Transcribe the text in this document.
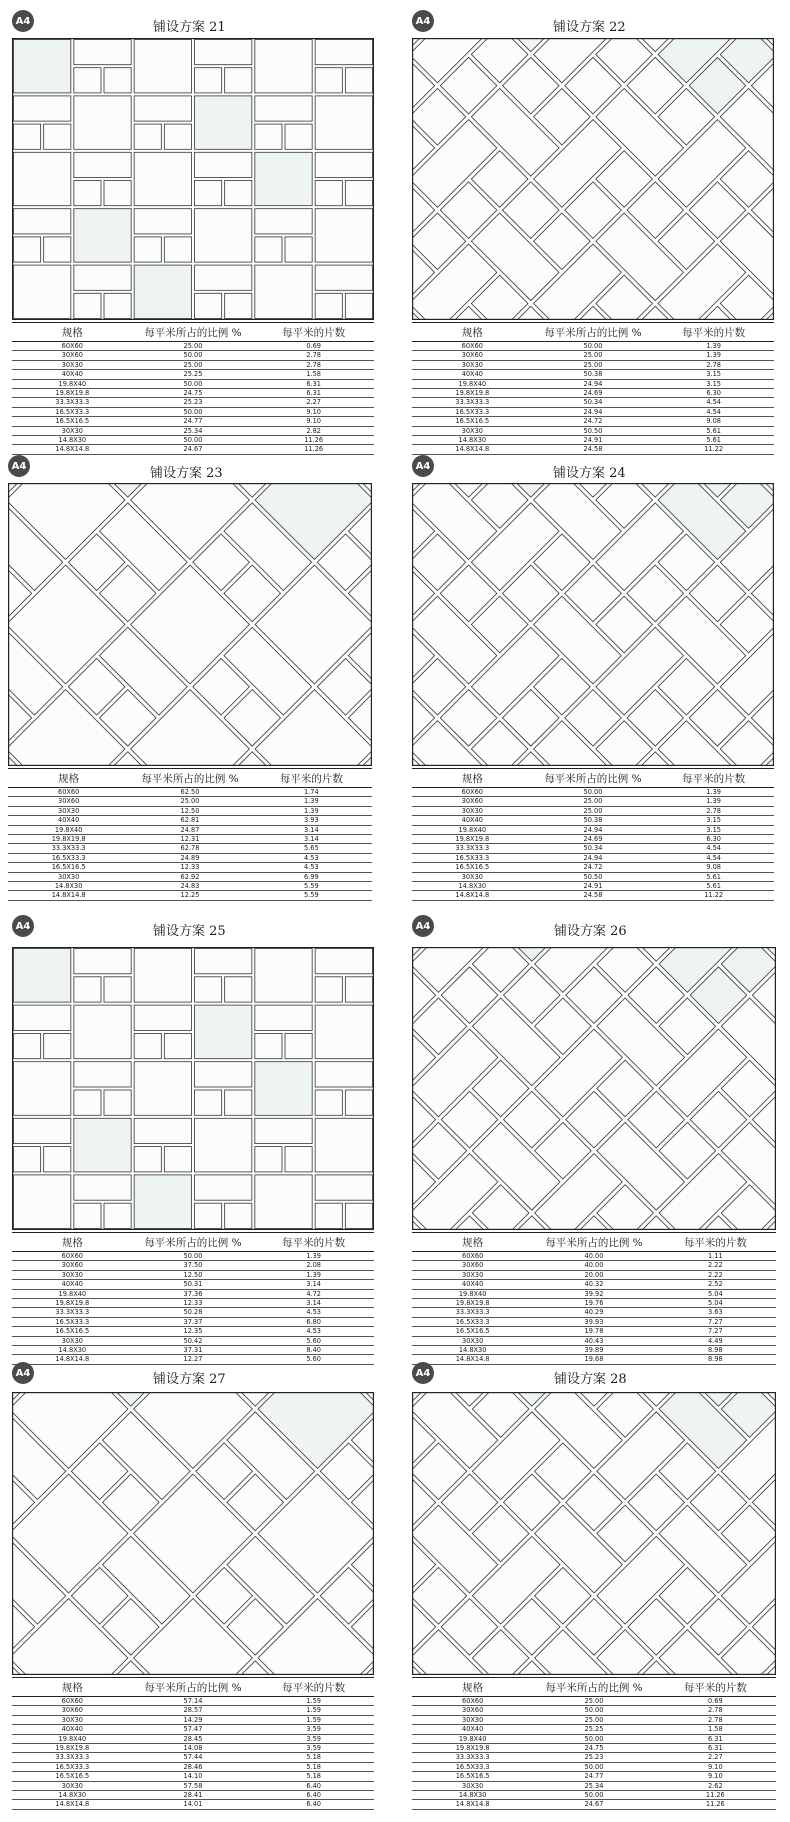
A4	铺设方案 21
规格	每平米所占的比例 %	每平米的片数
60X60	25.00	0.69
30X60	50.00	2.78
30X30	25.00	2.78
40X40	25.25	1.58
19.8X40	50.00	6.31
19.8X19.8	24.75	6.31
33.3X33.3	25.23	2.27
16.5X33.3	50.00	9.10
16.5X16.5	24.77	9.10
30X30	25.34	2.82
14.8X30	50.00	11.26
14.8X14.8	24.67	11.26
A4	铺设方案 22
规格	每平米所占的比例 %	每平米的片数
60X60	50.00	1.39
30X60	25.00	1.39
30X30	25.00	2.78
40X40	50.38	3.15
19.8X40	24.94	3.15
19.8X19.8	24.69	6.30
33.3X33.3	50.34	4.54
16.5X33.3	24.94	4.54
16.5X16.5	24.72	9.08
30X30	50.50	5.61
14.8X30	24.91	5.61
14.8X14.8	24.58	11.22
A4	铺设方案 23
规格	每平米所占的比例 %	每平米的片数
60X60	62.50	1.74
30X60	25.00	1.39
30X30	12.50	1.39
40X40	62.81	3.93
19.8X40	24.87	3.14
19.8X19.8	12.31	3.14
33.3X33.3	62.78	5.65
16.5X33.3	24.89	4.53
16.5X16.5	12.33	4.53
30X30	62.92	6.99
14.8X30	24.83	5.59
14.8X14.8	12.25	5.59
A4	铺设方案 24
规格	每平米所占的比例 %	每平米的片数
60X60	50.00	1.39
30X60	25.00	1.39
30X30	25.00	2.78
40X40	50.38	3.15
19.8X40	24.94	3.15
19.8X19.8	24.69	6.30
33.3X33.3	50.34	4.54
16.5X33.3	24.94	4.54
16.5X16.5	24.72	9.08
30X30	50.50	5.61
14.8X30	24.91	5.61
14.8X14.8	24.58	11.22
A4	铺设方案 25
规格	每平米所占的比例 %	每平米的片数
60X60	50.00	1.39
30X60	37.50	2.08
30X30	12.50	1.39
40X40	50.31	3.14
19.8X40	37.36	4.72
19.8X19.8	12.33	3.14
33.3X33.3	50.28	4.53
16.5X33.3	37.37	6.80
16.5X16.5	12.35	4.53
30X30	50.42	5.60
14.8X30	37.31	8.40
14.8X14.8	12.27	5.60
A4	铺设方案 26
规格	每平米所占的比例 %	每平米的片数
60X60	40.00	1.11
30X60	40.00	2.22
30X30	20.00	2.22
40X40	40.32	2.52
19.8X40	39.92	5.04
19.8X19.8	19.76	5.04
33.3X33.3	40.29	3.63
16.5X33.3	39.93	7.27
16.5X16.5	19.78	7.27
30X30	40.43	4.49
14.8X30	39.89	8.98
14.8X14.8	19.68	8.98
A4	铺设方案 27
规格	每平米所占的比例 %	每平米的片数
60X60	57.14	1.59
30X60	28.57	1.59
30X30	14.29	1.59
40X40	57.47	3.59
19.8X40	28.45	3.59
19.8X19.8	14.08	3.59
33.3X33.3	57.44	5.18
16.5X33.3	28.46	5.18
16.5X16.5	14.10	5.18
30X30	57.58	6.40
14.8X30	28.41	6.40
14.8X14.8	14.01	6.40
A4	铺设方案 28
规格	每平米所占的比例 %	每平米的片数
60X60	25.00	0.69
30X60	50.00	2.78
30X30	25.00	2.78
40X40	25.25	1.58
19.8X40	50.00	6.31
19.8X19.8	24.75	6.31
33.3X33.3	25.23	2.27
16.5X33.3	50.00	9.10
16.5X16.5	24.77	9.10
30X30	25.34	2.62
14.8X30	50.00	11.26
14.8X14.8	24.67	11.26
